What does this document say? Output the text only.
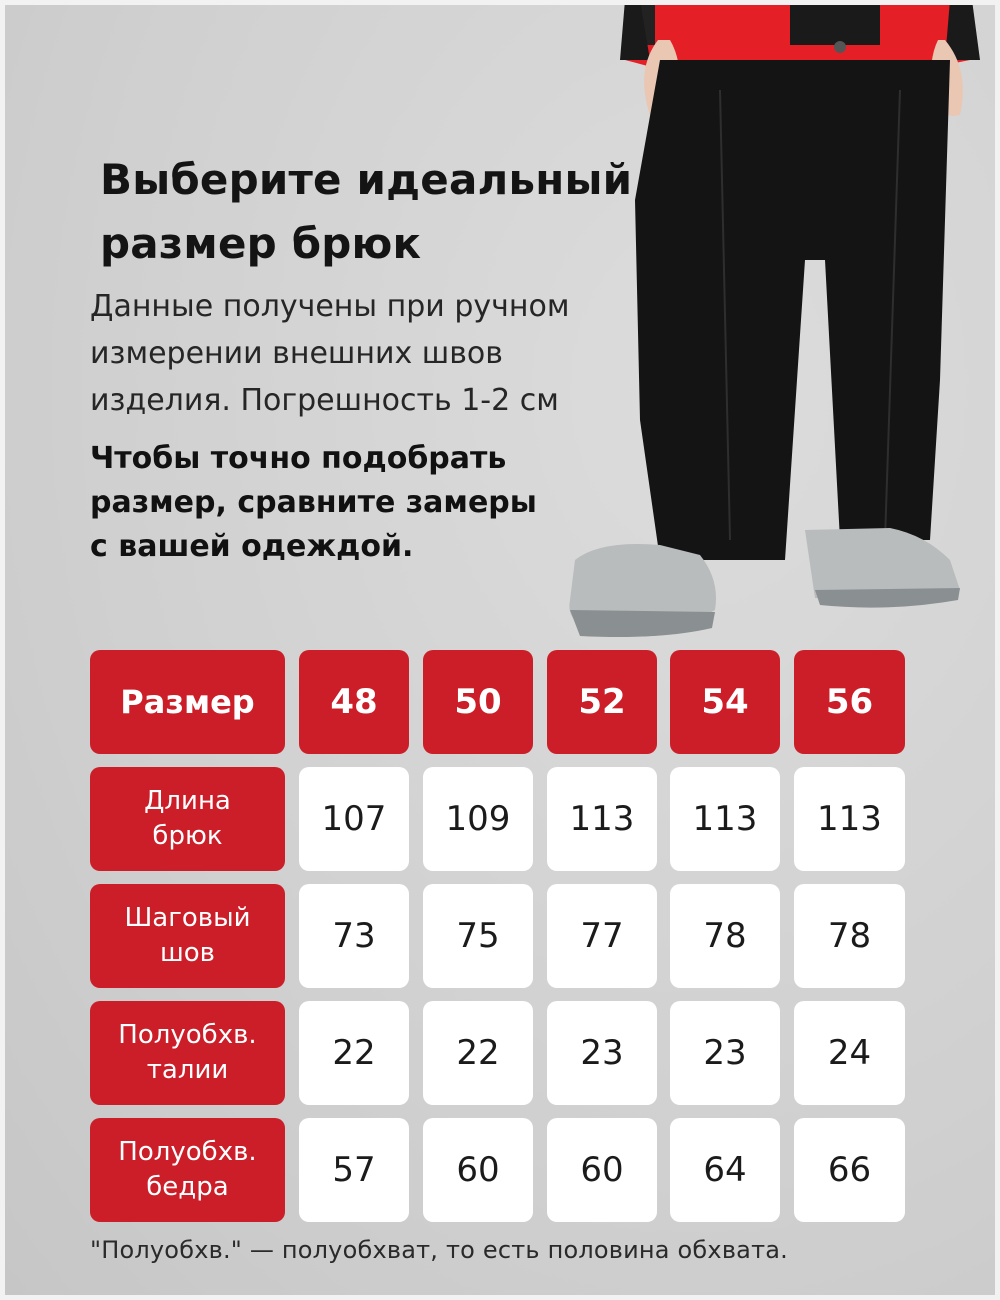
Выберите идеальный
размер брюк
Данные получены при ручном
измерении внешних швов
изделия. Погрешность 1-2 см
Чтобы точно подобрать
размер, сравните замеры
с вашей одеждой.
Размер	48	50	52	54	56
Длина
брюк	107	109	113	113	113
Шаговый
шов	73	75	77	78	78
Полуобхв.
талии	22	22	23	23	24
Полуобхв.
бедра	57	60	60	64	66
"Полуобхв." — полуобхват, то есть половина обхвата.
